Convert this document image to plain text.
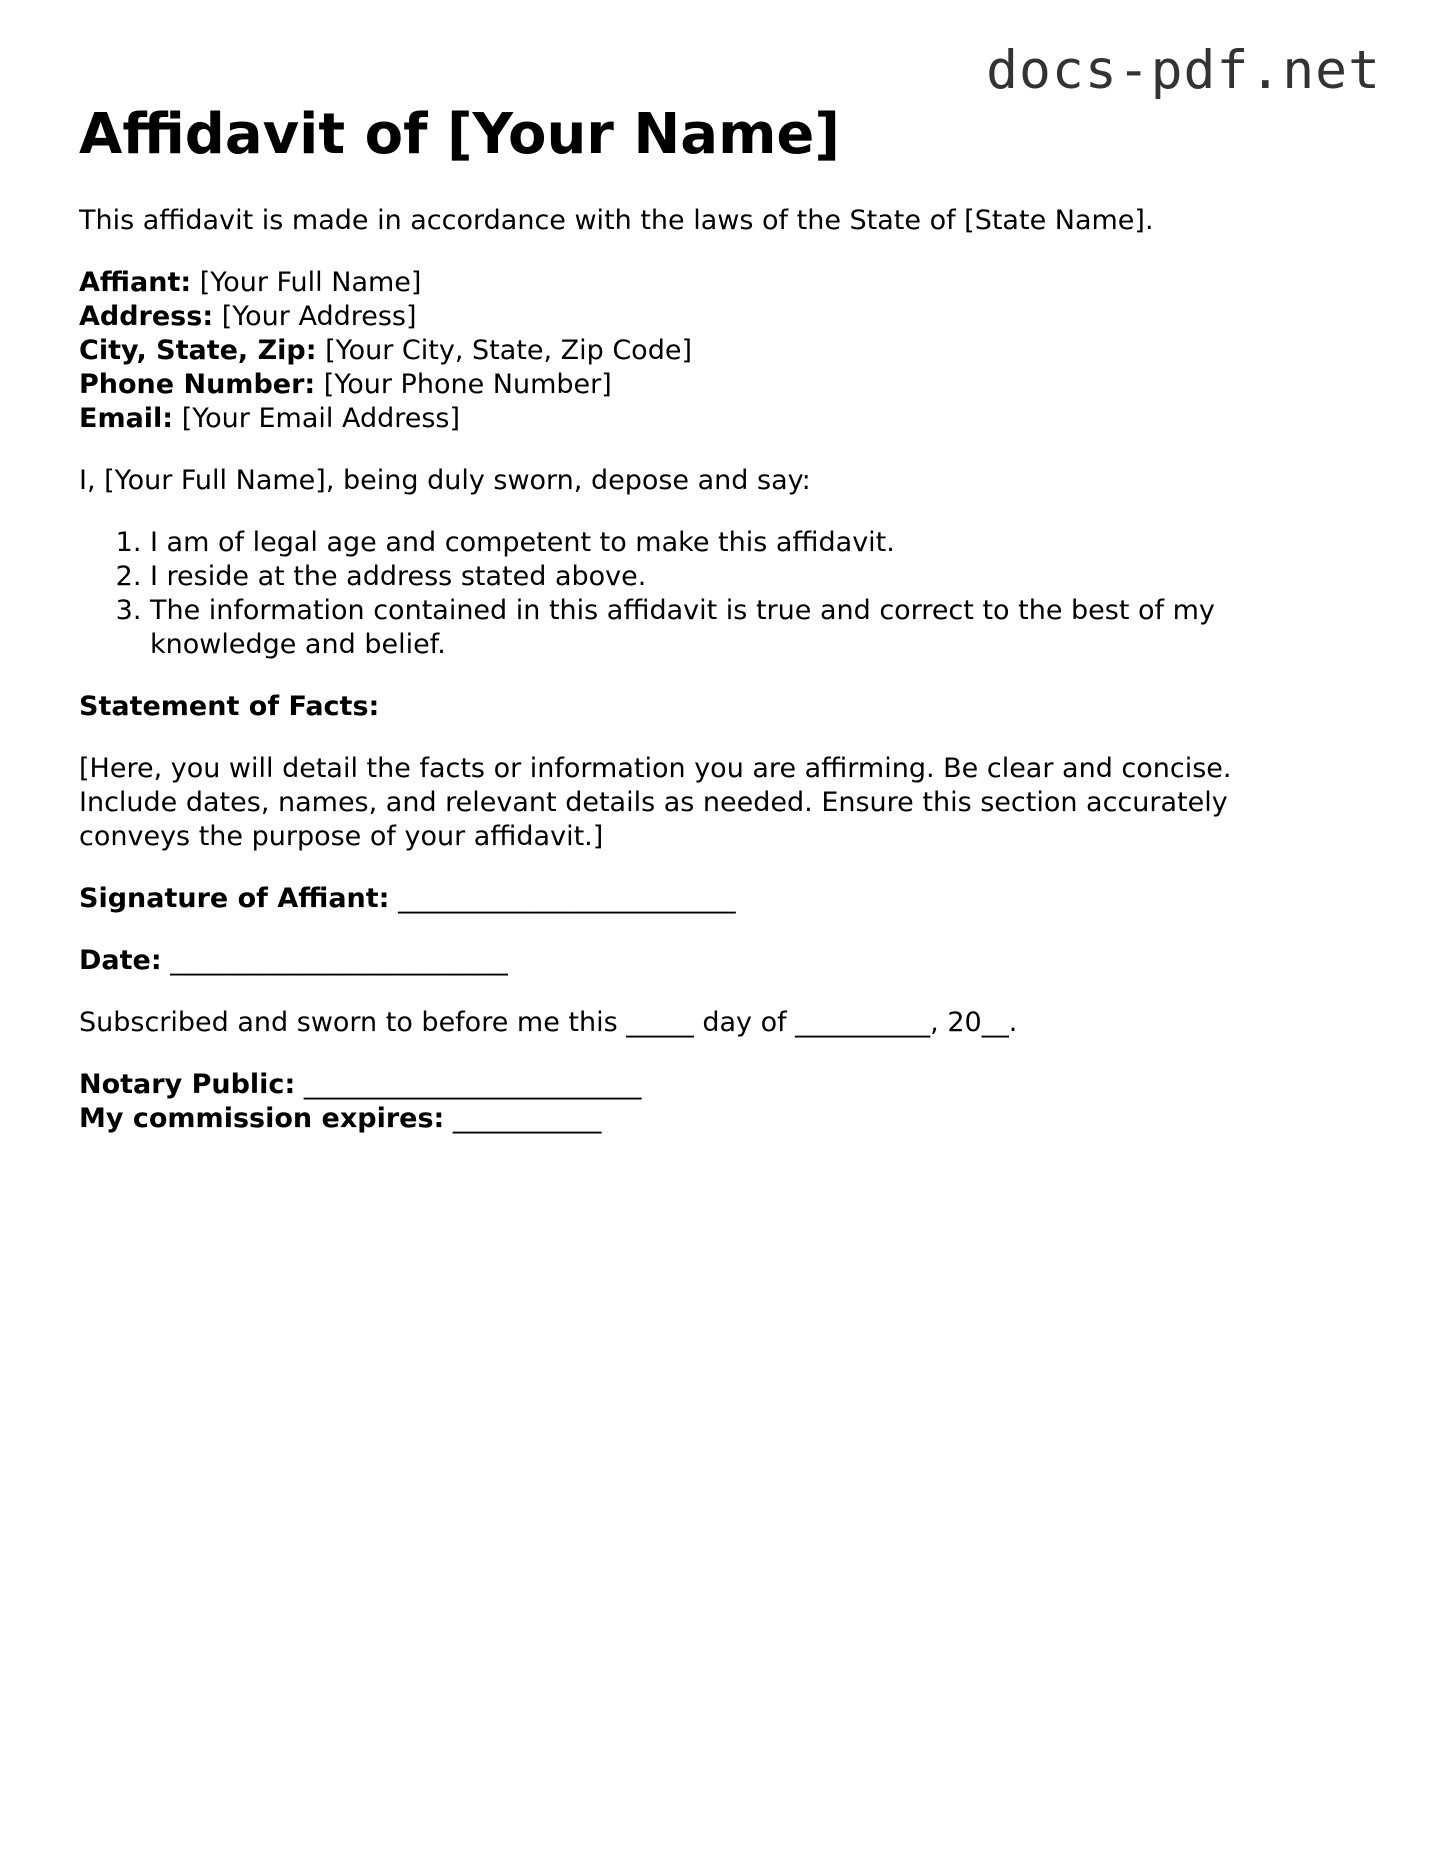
docs-pdf.net
Affidavit of [Your Name]

This affidavit is made in accordance with the laws of the State of [State Name].

Affiant: [Your Full Name]
Address: [Your Address]
City, State, Zip: [Your City, State, Zip Code]
Phone Number: [Your Phone Number]
Email: [Your Email Address]

I, [Your Full Name], being duly sworn, depose and say:

1. I am of legal age and competent to make this affidavit.
2. I reside at the address stated above.
3. The information contained in this affidavit is true and correct to the best of my knowledge and belief.
Statement of Facts:

[Here, you will detail the facts or information you are affirming. Be clear and concise. Include dates, names, and relevant details as needed. Ensure this section accurately conveys the purpose of your affidavit.]

Signature of Affiant: _________________________

Date: _________________________

Subscribed and sworn to before me this _____ day of __________, 20__.

Notary Public: _________________________
My commission expires: ___________
